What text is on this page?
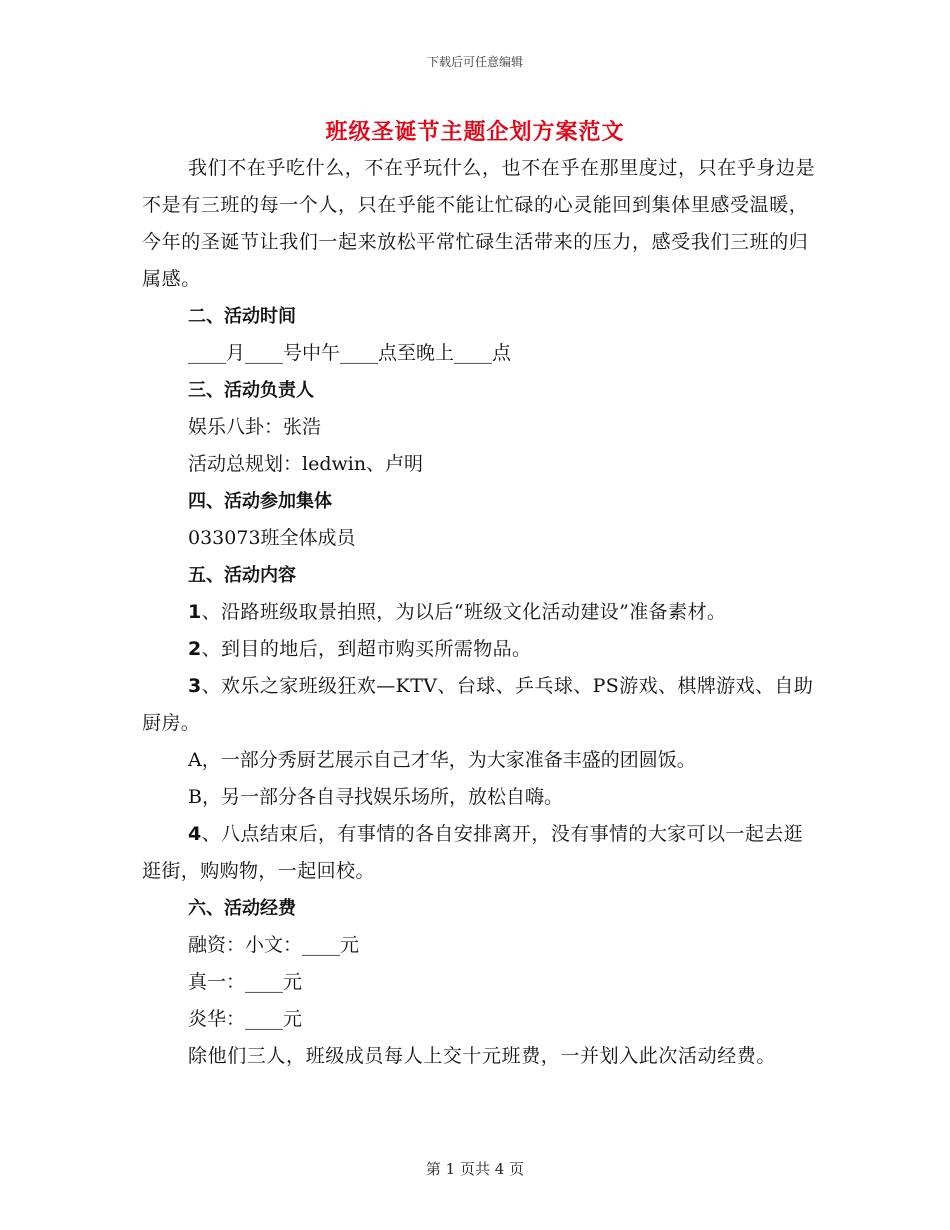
下载后可任意编辑
班级圣诞节主题企划方案范文

我们不在乎吃什么，不在乎玩什么，也不在乎在那里度过，只在乎身边是不是有三班的每一个人，只在乎能不能让忙碌的心灵能回到集体里感受温暖，今年的圣诞节让我们一起来放松平常忙碌生活带来的压力，感受我们三班的归属感。

二、活动时间

____月____号中午____点至晚上____点

三、活动负责人

娱乐八卦：张浩

活动总规划：ledwin、卢明

四、活动参加集体

033073班全体成员

五、活动内容

1、沿路班级取景拍照，为以后“班级文化活动建设”准备素材。

2、到目的地后，到超市购买所需物品。

3、欢乐之家班级狂欢—KTV、台球、乒乓球、PS游戏、棋牌游戏、自助厨房。

A，一部分秀厨艺展示自己才华，为大家准备丰盛的团圆饭。

B，另一部分各自寻找娱乐场所，放松自嗨。

4、八点结束后，有事情的各自安排离开，没有事情的大家可以一起去逛逛街，购购物，一起回校。

六、活动经费

融资：小文：____元

真一：____元

炎华：____元

除他们三人，班级成员每人上交十元班费，一并划入此次活动经费。

第 1 页共 4 页
